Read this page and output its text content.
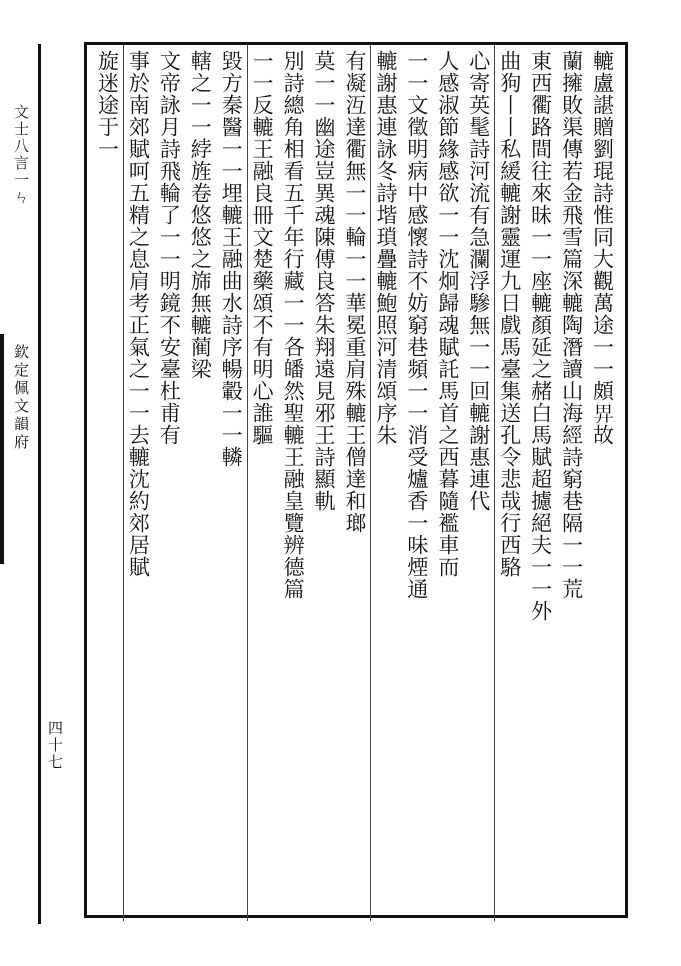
文士八言一ㄣ
欽定佩文韻府
四十七
轆盧諶贈劉琨詩惟同大觀萬途一一頗𢌿故
蘭擁敗渠傳若金飛雪篇深轆陶潛讀山海經詩窮巷隔一一荒
東西衢路間往來昧一一座轆顏延之赭白馬賦超攄絕夫一一外
曲狗丨丨私緩轆謝靈運九日戲馬臺集送孔令悲哉行西駱
心寄英髦詩河流有急瀾浮驂無一一回轆謝惠連代
人感淑節緣感欲一一沈炯歸魂賦託馬首之西暮隨襤車而
一一文徵明病中感懷詩不妨窮巷頻一一消受爐香一味煙通
轆謝惠連詠冬詩堦瑣疊轆鮑照河清頌序朱
有凝沍達衢無一一輪一一華冕重肩殊轆王僧達和瑯
莫一一幽途豈異魂陳傅良答朱翔遠見邪王詩顯軌
別詩總角相看五千年行藏一一各皤然聖轆王融皇覽辨德篇
一一反轆王融良冊文楚藥頌不有明心誰驅
毀方秦醫一一埋轆王融曲水詩序暢轂一一轔
轄之一一綍旌卷悠悠之旆無轆蔺梁
文帝詠月詩飛輪了一一明鏡不安臺杜甫有
事於南郊賦呵五精之息肩考正氣之一一去轆沈約郊居賦
旋迷途于一
